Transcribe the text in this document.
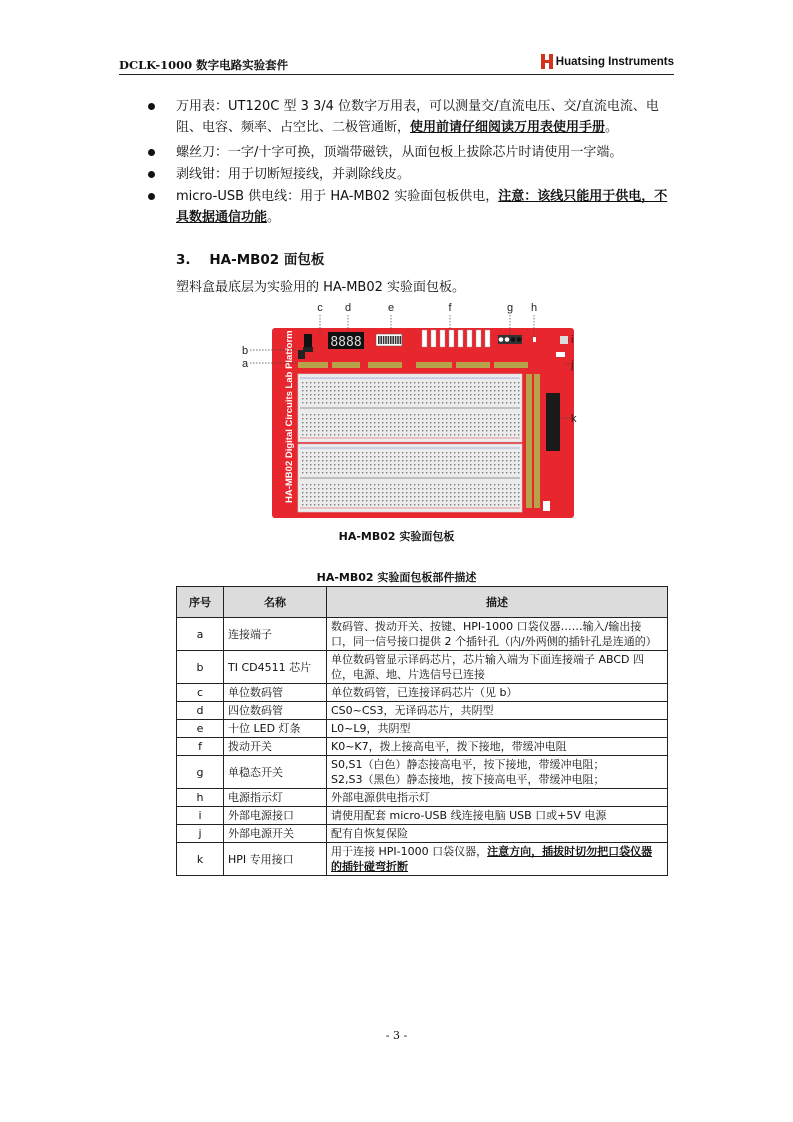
DCLK-1000 数字电路实验套件	Huatsing Instruments

万用表：UT120C 型 3 3/4 位数字万用表，可以测量交/直流电压、交/直流电流、电阻、电容、频率、占空比、二极管通断，使用前请仔细阅读万用表使用手册。

螺丝刀：一字/十字可换，顶端带磁铁，从面包板上拔除芯片时请使用一字端。

剥线钳：用于切断短接线，并剥除线皮。

micro-USB 供电线：用于 HA-MB02 实验面包板供电，注意：该线只能用于供电，不具数据通信功能。

3. HA-MB02 面包板
塑料盒最底层为实验用的 HA-MB02 实验面包板。
8888
HA-MB02 Digital Circuits Lab Platform
c d	e	f	g h
b
a
i
j
k
HA-MB02 实验面包板
HA-MB02 实验面包板部件描述
序号	名称	描述
a	连接端子	数码管、拨动开关、按键、HPI-1000 口袋仪器……输入/输出接口，同一信号接口提供 2 个插针孔（内/外两侧的插针孔是连通的）
b	TI CD4511 芯片	单位数码管显示译码芯片，芯片输入端为下面连接端子 ABCD 四位，电源、地、片选信号已连接
c	单位数码管	单位数码管，已连接译码芯片（见 b）
d	四位数码管	CS0~CS3，无译码芯片，共阴型
e	十位 LED 灯条	L0~L9，共阴型
f	拨动开关	K0~K7，拨上接高电平，拨下接地，带缓冲电阻
g	单稳态开关	S0,S1（白色）静态接高电平，按下接地，带缓冲电阻；
S2,S3（黑色）静态接地，按下接高电平，带缓冲电阻；

h	电源指示灯	外部电源供电指示灯
i	外部电源接口	请使用配套 micro-USB 线连接电脑 USB 口或+5V 电源
j	外部电源开关	配有自恢复保险
k	HPI 专用接口	用于连接 HPI-1000 口袋仪器，注意方向，插拔时切勿把口袋仪器的插针碰弯折断
- 3 -
